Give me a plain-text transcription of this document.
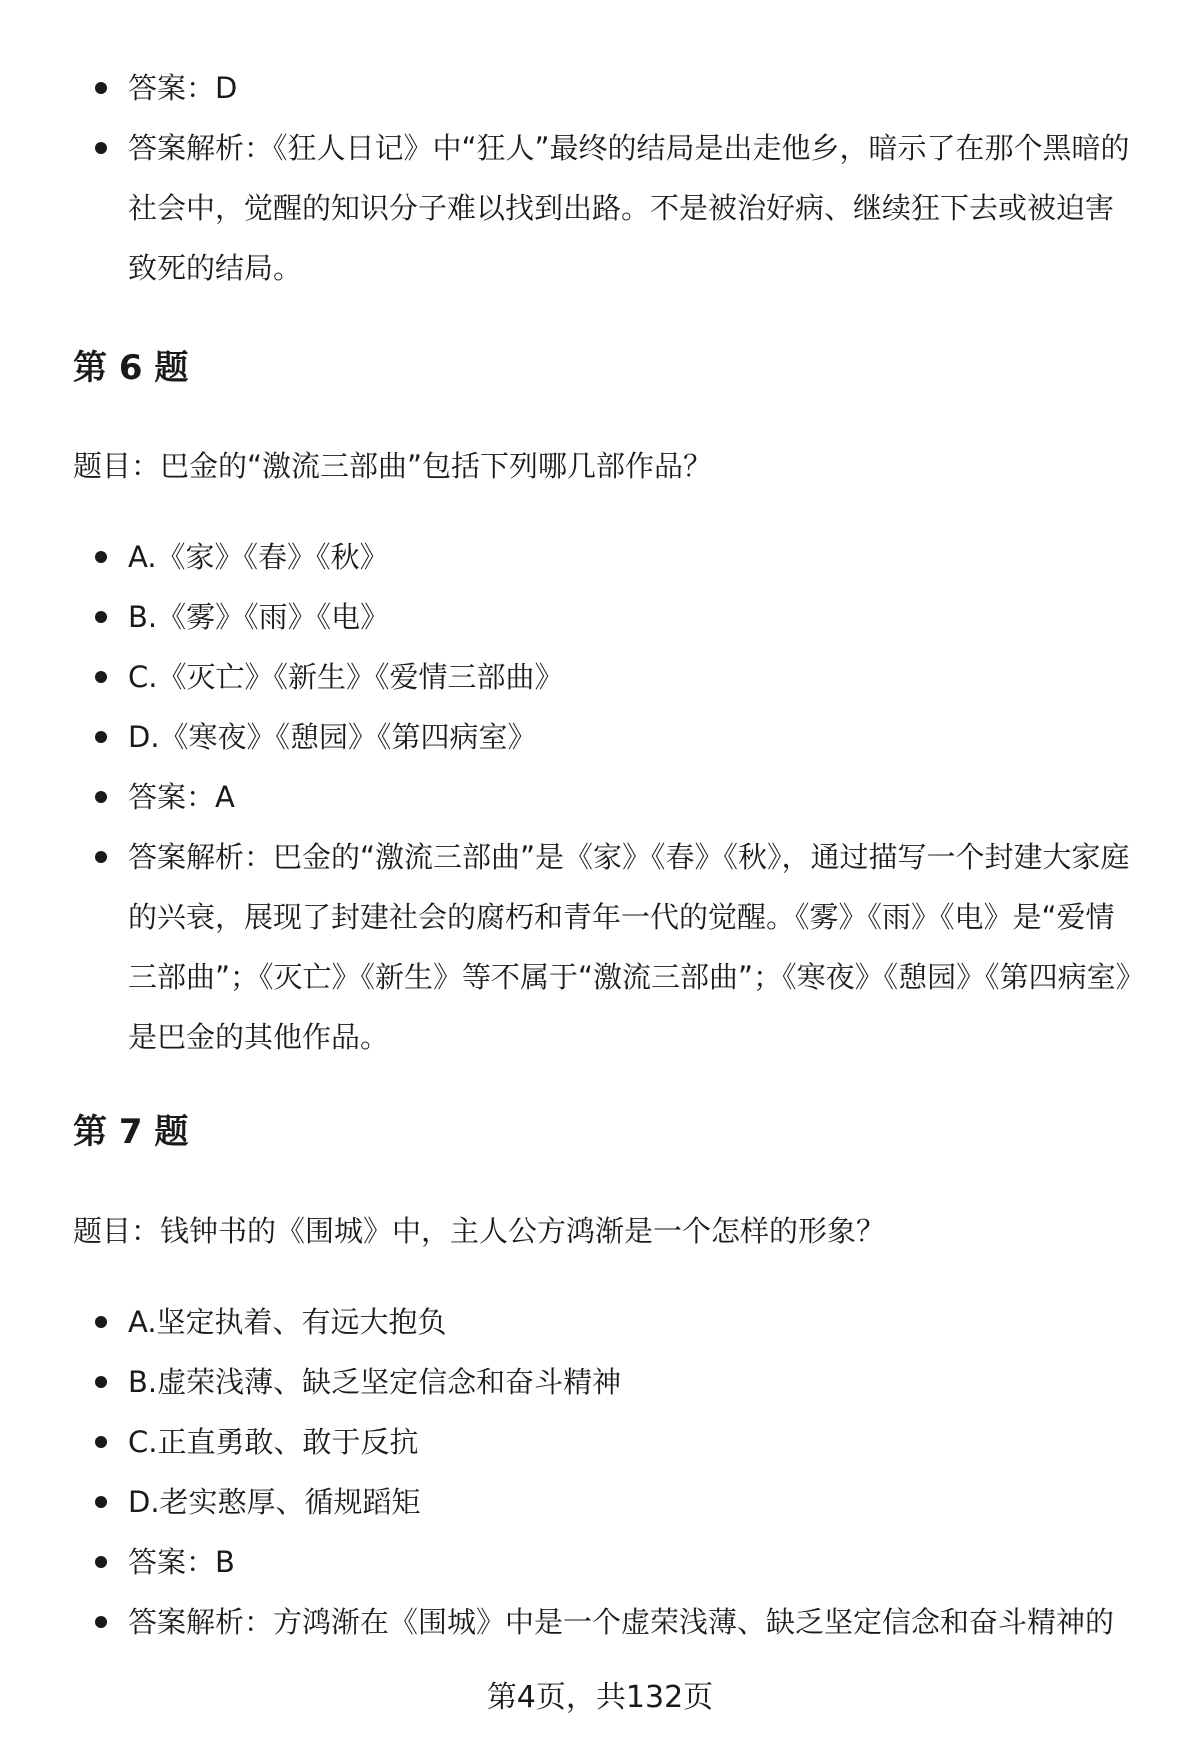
答案：D
答案解析：《狂人日记》中“狂人”最终的结局是出走他乡，暗示了在那个黑暗的社会中，觉醒的知识分子难以找到出路。不是被治好病、继续狂下去或被迫害致死的结局。
第 6 题

题目：巴金的“激流三部曲”包括下列哪几部作品？

A.《家》《春》《秋》
B.《雾》《雨》《电》
C.《灭亡》《新生》《爱情三部曲》
D.《寒夜》《憩园》《第四病室》
答案：A
答案解析：巴金的“激流三部曲”是《家》《春》《秋》，通过描写一个封建大家庭的兴衰，展现了封建社会的腐朽和青年一代的觉醒。《雾》《雨》《电》是“爱情三部曲”；《灭亡》《新生》等不属于“激流三部曲”；《寒夜》《憩园》《第四病室》是巴金的其他作品。
第 7 题

题目：钱钟书的《围城》中，主人公方鸿渐是一个怎样的形象？

A.坚定执着、有远大抱负
B.虚荣浅薄、缺乏坚定信念和奋斗精神
C.正直勇敢、敢于反抗
D.老实憨厚、循规蹈矩
答案：B
答案解析：方鸿渐在《围城》中是一个虚荣浅薄、缺乏坚定信念和奋斗精神的
第4页，共132页
